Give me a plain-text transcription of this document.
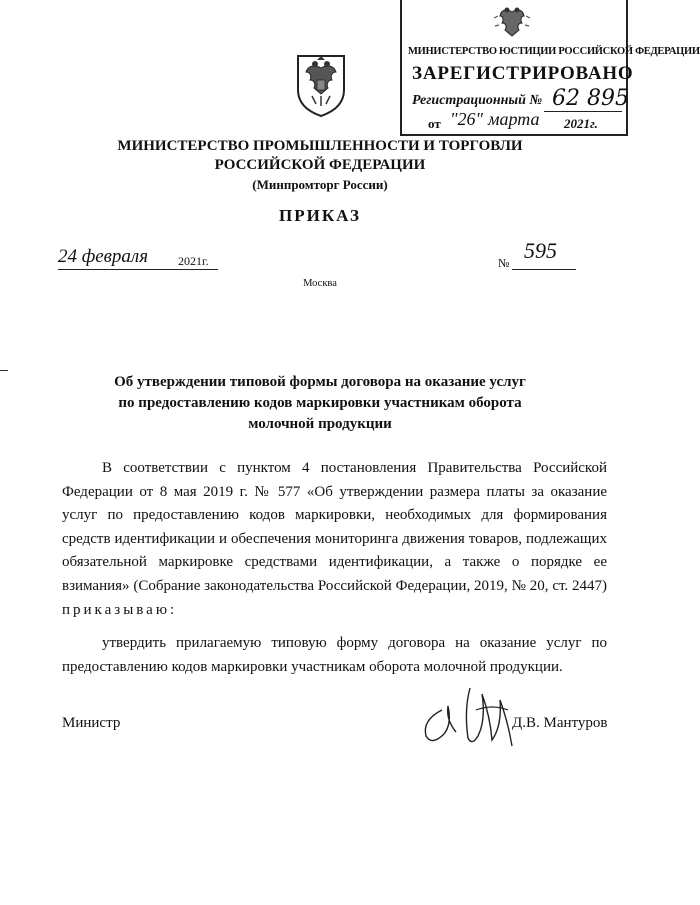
МИНИСТЕРСТВО ЮСТИЦИИ РОССИЙСКОЙ ФЕДЕРАЦИИ
ЗАРЕГИСТРИРОВАНО
Регистрационный № 62 895
от "26" марта 2021г.
МИНИСТЕРСТВО ПРОМЫШЛЕННОСТИ И ТОРГОВЛИ
РОССИЙСКОЙ ФЕДЕРАЦИИ
(Минпромторг России)
ПРИКАЗ
24 февраля 2021г.	№ 595
Москва
Об утверждении типовой формы договора на оказание услуг
по предоставлению кодов маркировки участникам оборота
молочной продукции
В соответствии с пунктом 4 постановления Правительства Российской Федерации от 8 мая 2019 г. № 577 «Об утверждении размера платы за оказание услуг по предоставлению кодов маркировки, необходимых для формирования средств идентификации и обеспечения мониторинга движения товаров, подлежащих обязательной маркировке средствами идентификации, а также о порядке ее взимания» (Собрание законодательства Российской Федерации, 2019, № 20, ст. 2447) приказываю:
утвердить прилагаемую типовую форму договора на оказание услуг по предоставлению кодов маркировки участникам оборота молочной продукции.
Министр	Д.В. Мантуров
